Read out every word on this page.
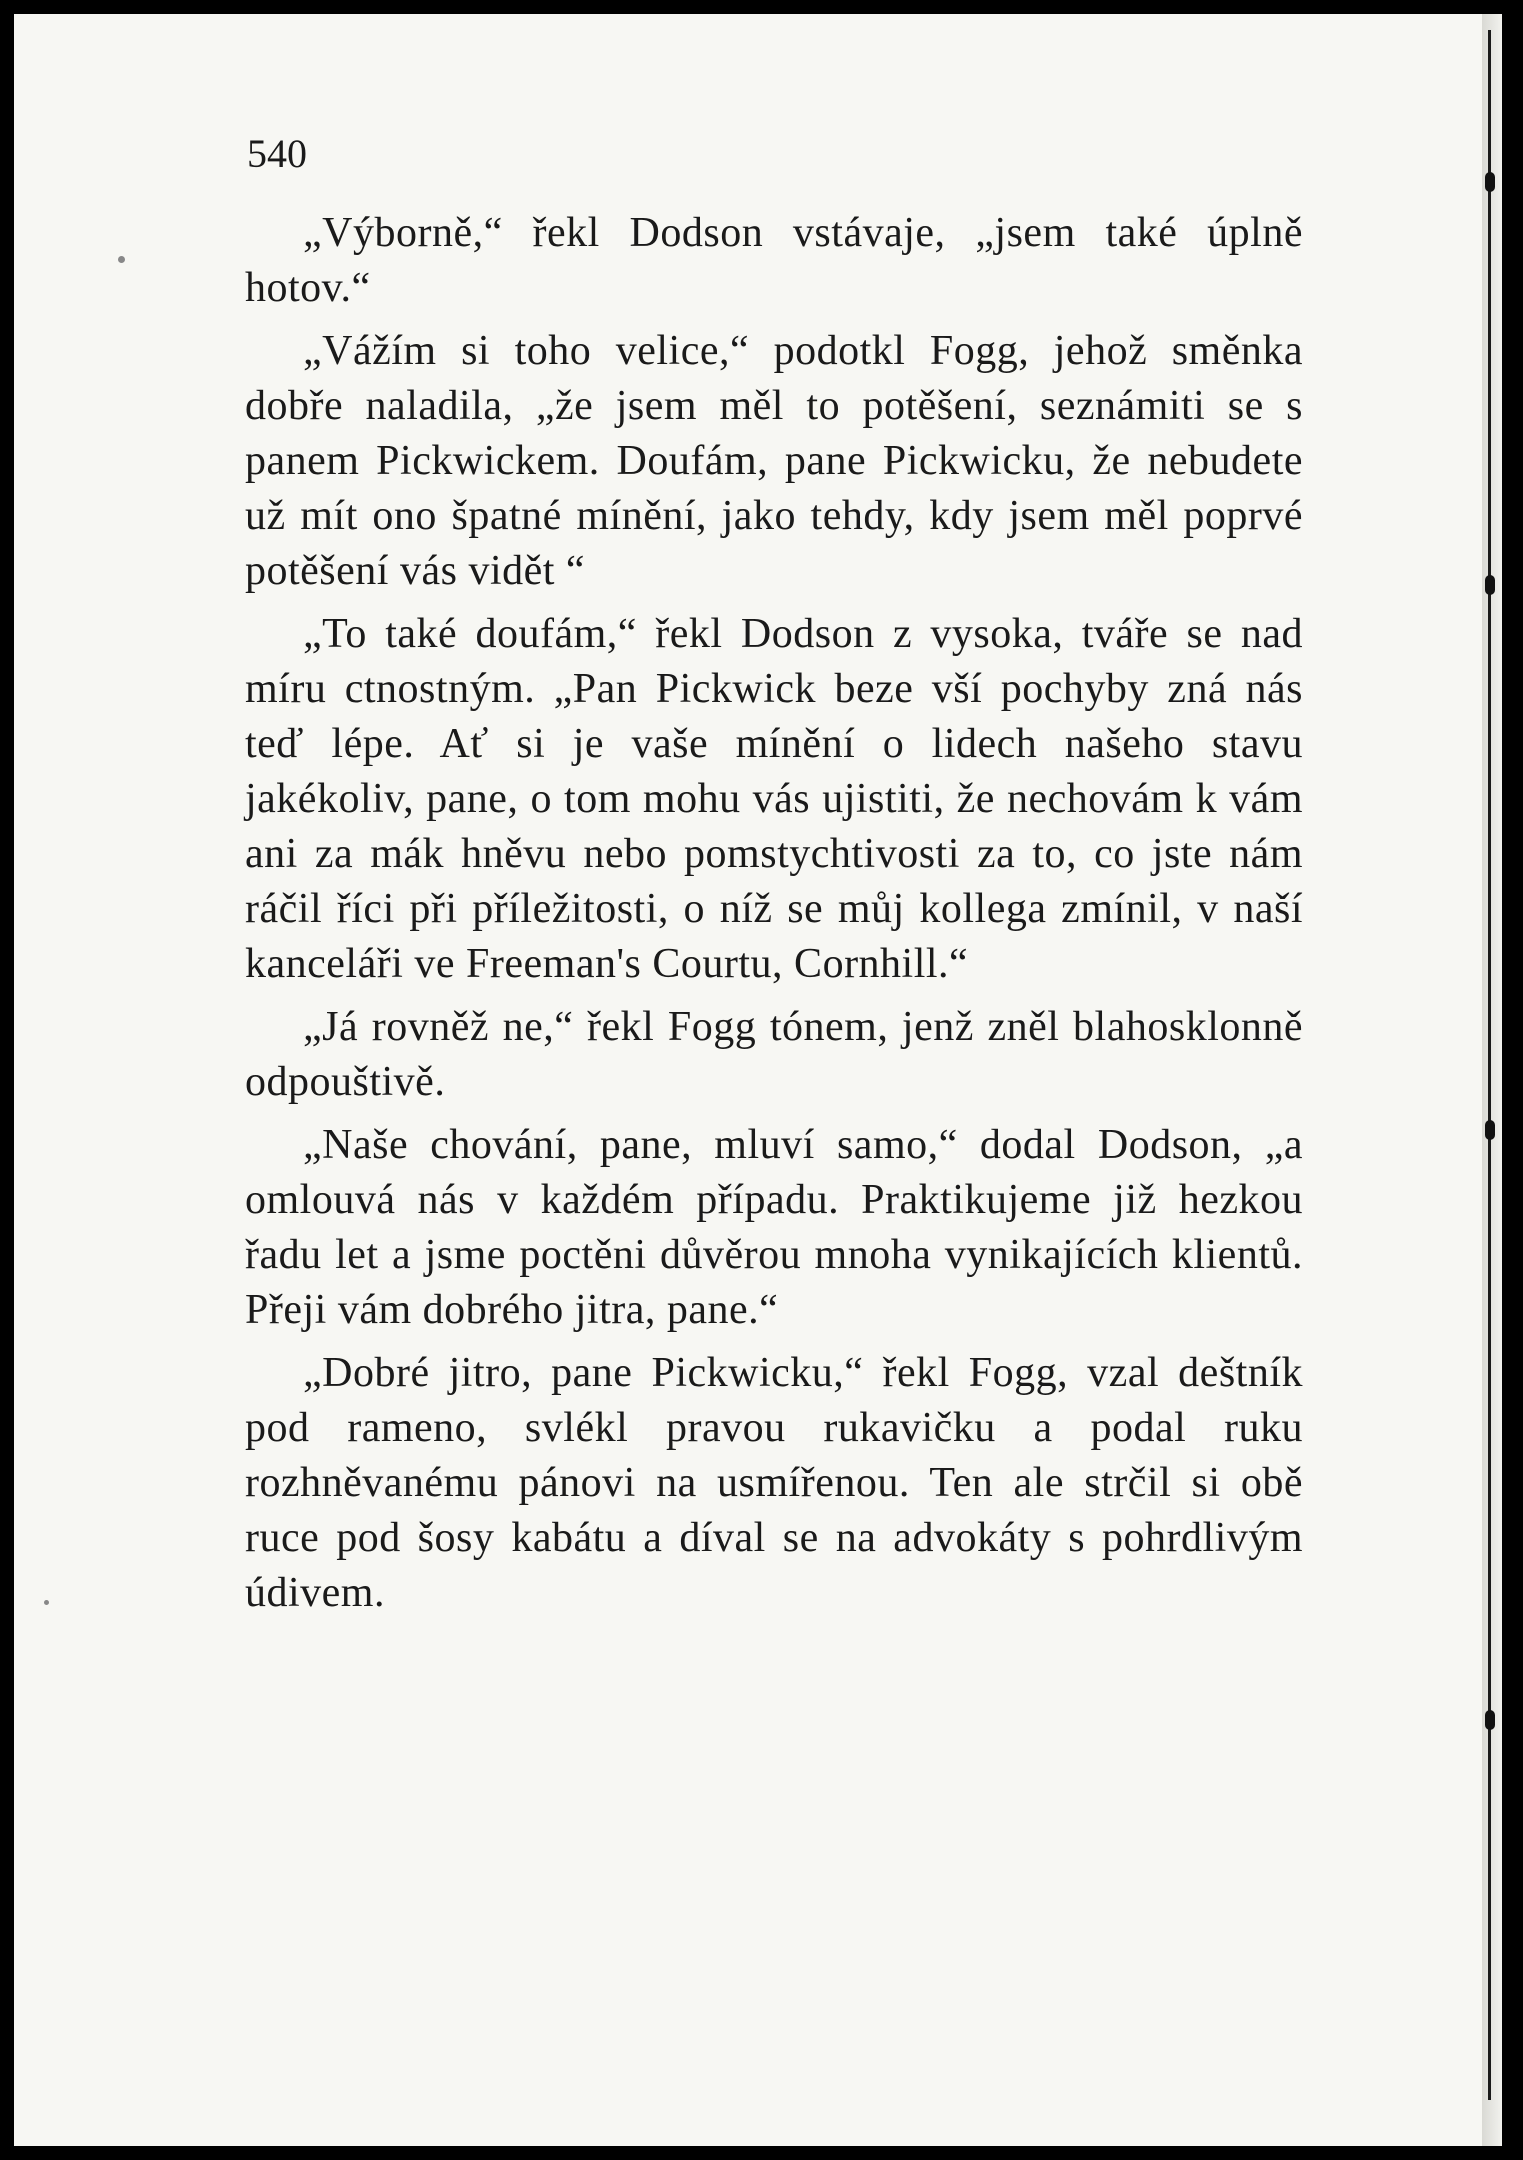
540

„Výborně,“ řekl Dodson vstávaje, „jsem také úplně hotov.“

„Vážím si toho velice,“ podotkl Fogg, jehož směnka dobře naladila, „že jsem měl to potěšení, seznámiti se s panem Pickwickem. Doufám, pane Pickwicku, že nebudete už mít ono špatné mínění, jako tehdy, kdy jsem měl poprvé potěšení vás vidět “

„To také doufám,“ řekl Dodson z vysoka, tváře se nad míru ctnostným. „Pan Pickwick beze vší pochyby zná nás teď lépe. Ať si je vaše mínění o lidech našeho stavu jakékoliv, pane, o tom mohu vás ujistiti, že nechovám k vám ani za mák hněvu nebo pomstychtivosti za to, co jste nám ráčil říci při příležitosti, o níž se můj kollega zmínil, v naší kanceláři ve Freeman's Courtu, Cornhill.“

„Já rovněž ne,“ řekl Fogg tónem, jenž zněl blahosklonně odpouštivě.

„Naše chování, pane, mluví samo,“ dodal Dodson, „a omlouvá nás v každém případu. Praktikujeme již hezkou řadu let a jsme poctěni důvěrou mnoha vynikajících klientů. Přeji vám dobrého jitra, pane.“

„Dobré jitro, pane Pickwicku,“ řekl Fogg, vzal deštník pod rameno, svlékl pravou rukavičku a podal ruku rozhněvanému pánovi na usmířenou. Ten ale strčil si obě ruce pod šosy kabátu a díval se na advokáty s pohrdlivým údivem.
